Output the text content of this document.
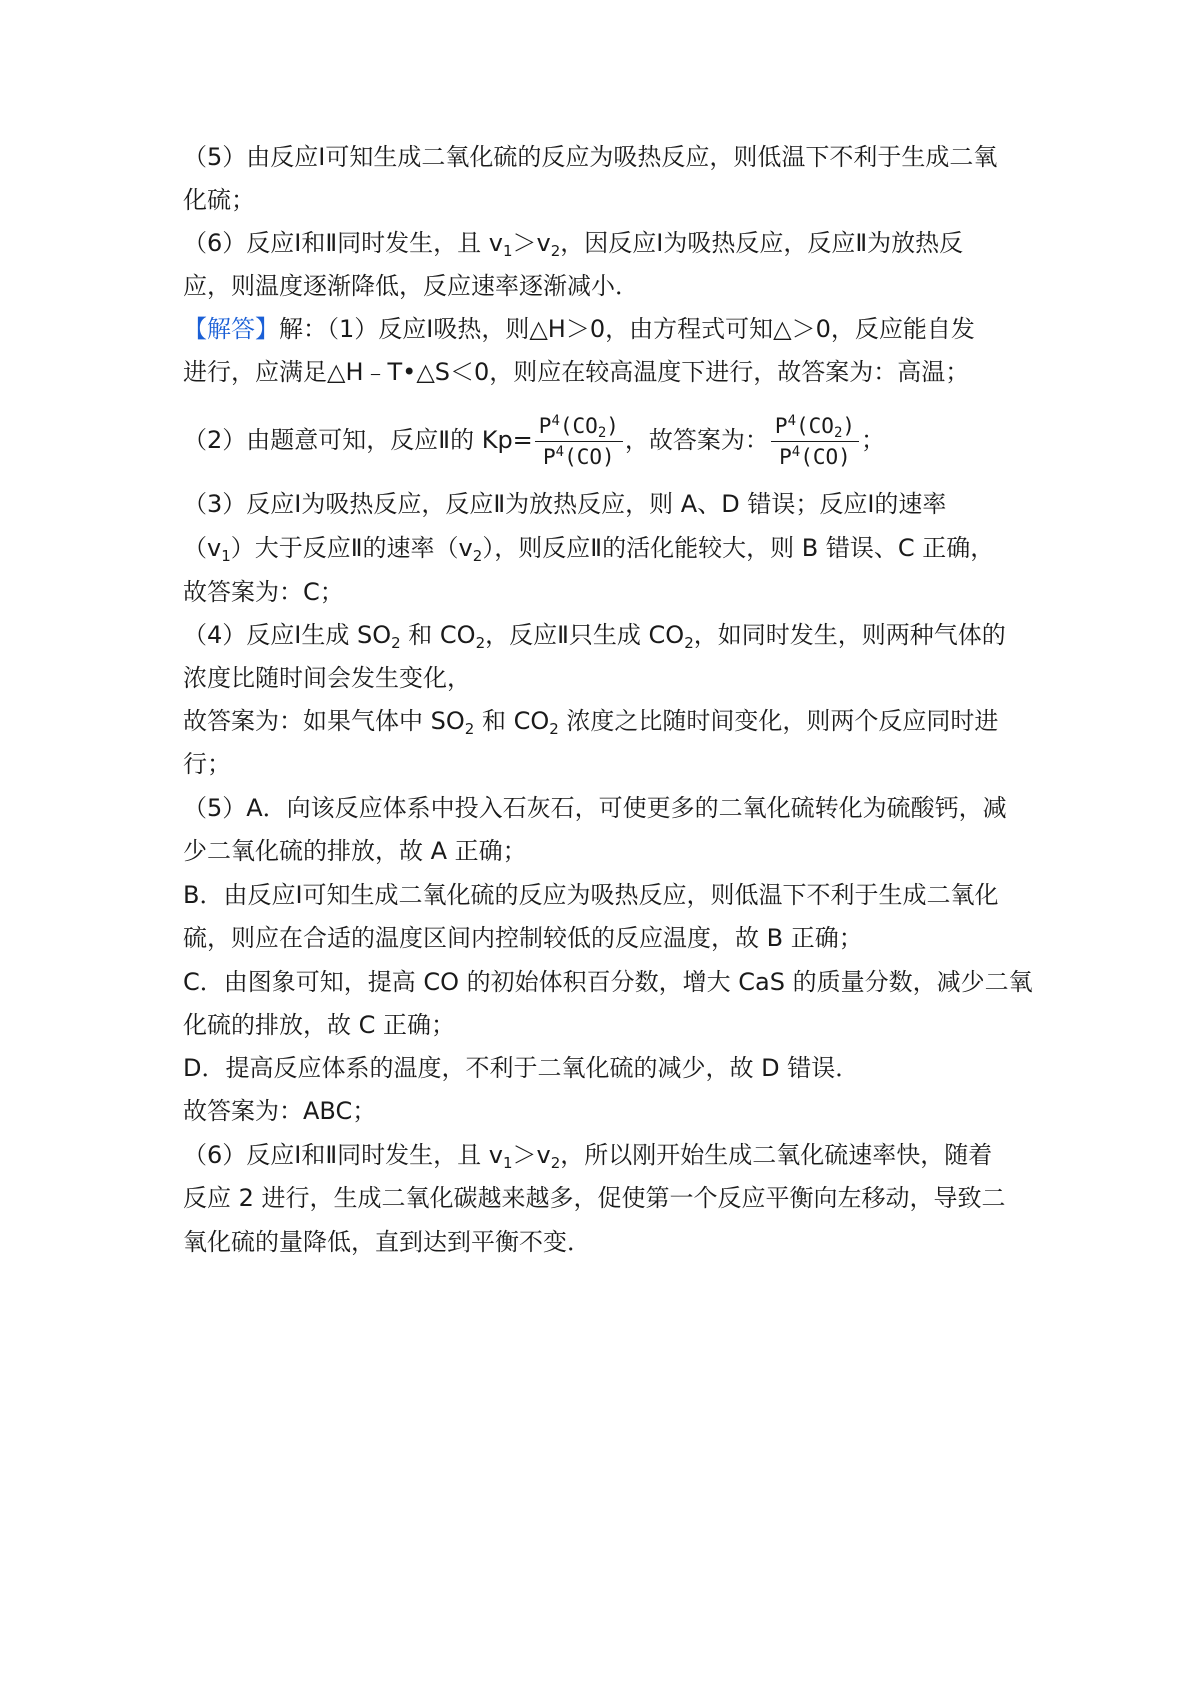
（5）由反应Ⅰ可知生成二氧化硫的反应为吸热反应，则低温下不利于生成二氧
化硫；
（6）反应Ⅰ和Ⅱ同时发生，且 $v_1>v_2$，因反应Ⅰ为吸热反应，反应Ⅱ为放热反
应，则温度逐渐降低，反应速率逐渐减小．
【解答】解：（1）反应Ⅰ吸热，则△H＞0，由方程式可知△＞0，反应能自发
进行，应满足△H﹣T•△S＜0，则应在较高温度下进行，故答案为：高温；
（2）由题意可知，反应Ⅱ的 $Kp= \frac{P^4(CO_2)}{P^4(CO)}$ ，故答案为： $\frac{P^4(CO_2)}{P^4(CO)}$ ；
（3）反应Ⅰ为吸热反应，反应Ⅱ为放热反应，则 A、D 错误；反应Ⅰ的速率
$(v_1)$大于反应Ⅱ的速率$(v_2)$，则反应Ⅱ的活化能较大，则 B 错误、C 正确，
故答案为：C；
（4）反应Ⅰ生成 $SO_2$ 和 $CO_2$，反应Ⅱ只生成 $CO_2$，如同时发生，则两种气体的
浓度比随时间会发生变化，
故答案为：如果气体中 $SO_2$ 和 $CO_2$ 浓度之比随时间变化，则两个反应同时进
行；
（5）A．向该反应体系中投入石灰石，可使更多的二氧化硫转化为硫酸钙，减
少二氧化硫的排放，故 A 正确；
B．由反应Ⅰ可知生成二氧化硫的反应为吸热反应，则低温下不利于生成二氧化
硫，则应在合适的温度区间内控制较低的反应温度，故 B 正确；
C．由图象可知，提高 CO 的初始体积百分数，增大 CaS 的质量分数，减少二氧
化硫的排放，故 C 正确；
D．提高反应体系的温度，不利于二氧化硫的减少，故 D 错误．
故答案为：ABC；
（6）反应Ⅰ和Ⅱ同时发生，且 $v_1>v_2$，所以刚开始生成二氧化硫速率快，随着
反应 2 进行，生成二氧化碳越来越多，促使第一个反应平衡向左移动，导致二
氧化硫的量降低，直到达到平衡不变．
